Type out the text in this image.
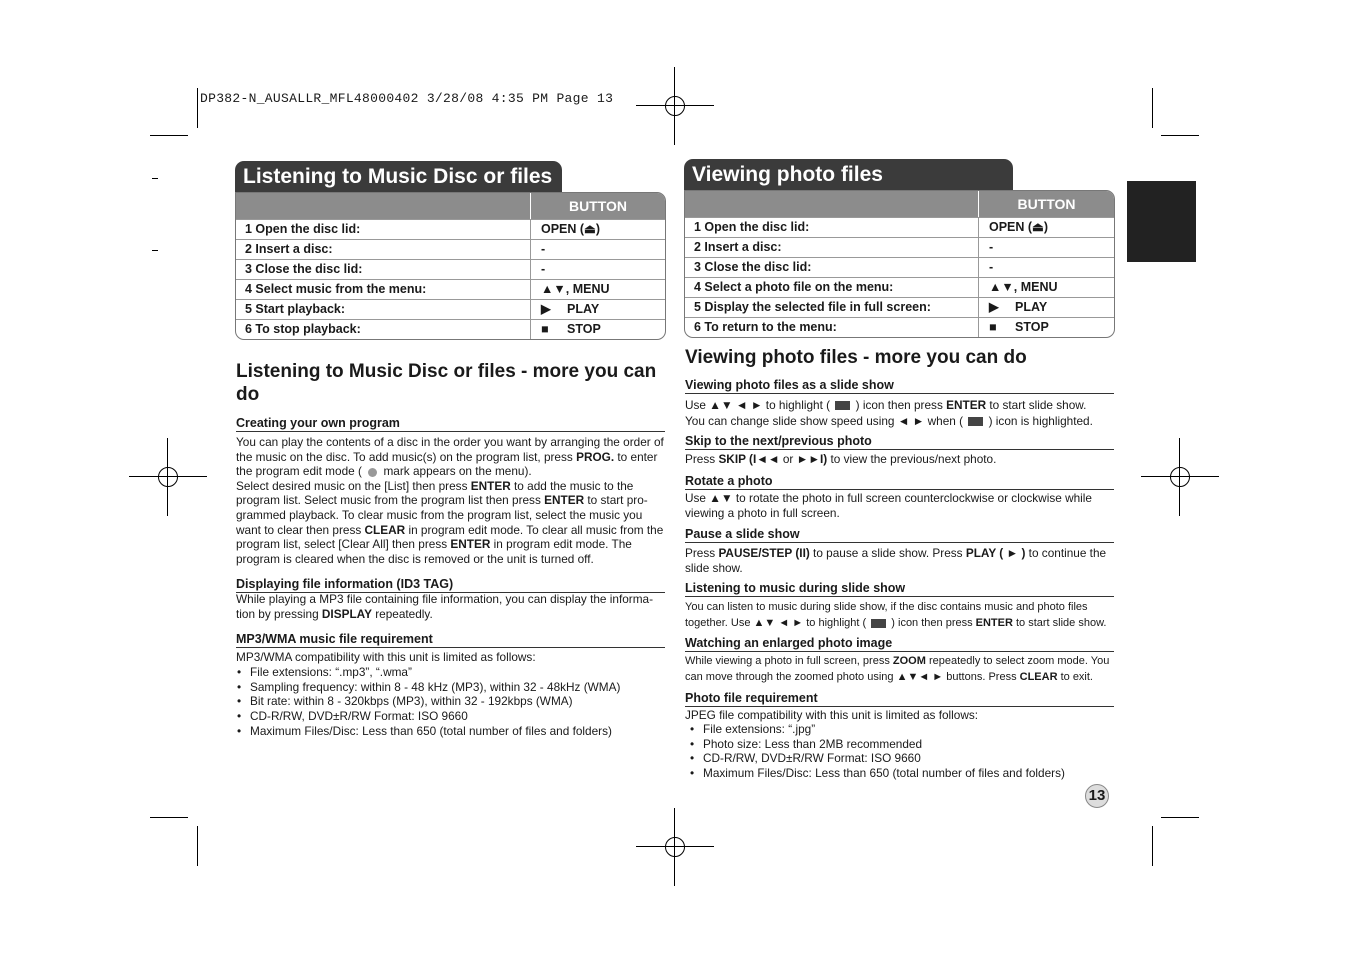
DP382-N_AUSALLR_MFL48000402 3/28/08 4:35 PM Page 13
Listening to Music Disc or files
BUTTON
1 Open the disc lid:	OPEN (⏏)
2 Insert a disc:	-
3 Close the disc lid:	-
4 Select music from the menu:	▲▼, MENU
5 Start playback:	▶ PLAY
6 To stop playback:	■ STOP
Listening to Music Disc or files - more you can do
Creating your own program
You can play the contents of a disc in the order you want by arranging the order of the music on the disc. To add music(s) on the program list, press PROG. to enter the program edit mode (  mark appears on the menu).
Select desired music on the [List] then press ENTER to add the music to the program list. Select music from the program list then press ENTER to start pro-grammed playback. To clear music from the program list, select the music you want to clear then press CLEAR in program edit mode. To clear all music from the program list, select [Clear All] then press ENTER in program edit mode. The program is cleared when the disc is removed or the unit is turned off.
Displaying file information (ID3 TAG)
While playing a MP3 file containing file information, you can display the informa-tion by pressing DISPLAY repeatedly.
MP3/WMA music file requirement
MP3/WMA compatibility with this unit is limited as follows:
• File extensions: “.mp3”, “.wma”
• Sampling frequency: within 8 - 48 kHz (MP3), within 32 - 48kHz (WMA)
• Bit rate: within 8 - 320kbps (MP3), within 32 - 192kbps (WMA)
• CD-R/RW, DVD±R/RW Format: ISO 9660
• Maximum Files/Disc: Less than 650 (total number of files and folders)
Viewing photo files
BUTTON
1 Open the disc lid:	OPEN (⏏)
2 Insert a disc:	-
3 Close the disc lid:	-
4 Select a photo file on the menu:	▲▼, MENU
5 Display the selected file in full screen:	▶ PLAY
6 To return to the menu:	■ STOP
Viewing photo files - more you can do
Viewing photo files as a slide show
Use ▲▼ ◄ ► to highlight (  ) icon then press ENTER to start slide show.
You can change slide show speed using ◄ ► when (  ) icon is highlighted.
Skip to the next/previous photo
Press SKIP (I◄◄ or ►►I) to view the previous/next photo.
Rotate a photo
Use ▲▼ to rotate the photo in full screen counterclockwise or clockwise while viewing a photo in full screen.
Pause a slide show
Press PAUSE/STEP (II) to pause a slide show. Press PLAY ( ► ) to continue the slide show.
Listening to music during slide show
You can listen to music during slide show, if the disc contains music and photo files together. Use ▲▼ ◄ ► to highlight (  ) icon then press ENTER to start slide show.
Watching an enlarged photo image
While viewing a photo in full screen, press ZOOM repeatedly to select zoom mode. You can move through the zoomed photo using ▲▼◄ ► buttons. Press CLEAR to exit.
Photo file requirement
JPEG file compatibility with this unit is limited as follows:
• File extensions: “.jpg”
• Photo size: Less than 2MB recommended
• CD-R/RW, DVD±R/RW Format: ISO 9660
• Maximum Files/Disc: Less than 650 (total number of files and folders)
13
